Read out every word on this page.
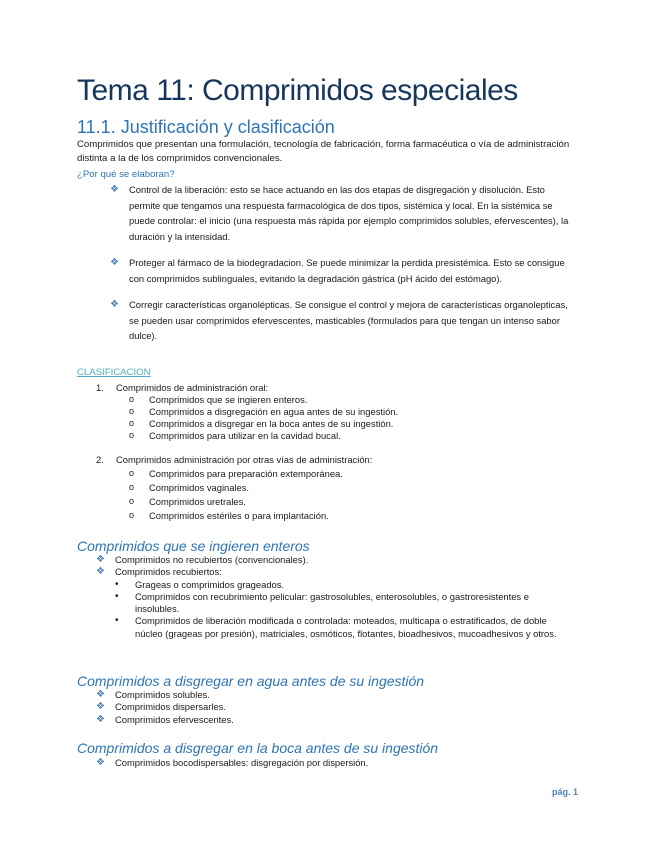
Tema 11: Comprimidos especiales
11.1. Justificación y clasificación
Comprimidos que presentan una formulación, tecnología de fabricación, forma farmacéutica o vía de administración distinta a la de los comprimidos convencionales.
¿Por qué se elaboran?
❖ Control de la liberación: esto se hace actuando en las dos etapas de disgregación y disolución. Esto permite que tengamos una respuesta farmacológica de dos tipos, sistémica y local. En la sistémica se puede controlar: el inicio (una respuesta más rápida por ejemplo comprimidos solubles, efervescentes), la duración y la intensidad.
❖ Proteger al fármaco de la biodegradacion. Se puede minimizar la perdida presistémica. Esto se consigue con comprimidos sublinguales, evitando la degradación gástrica (pH ácido del estómago).
❖ Corregir características organolépticas. Se consigue el control y mejora de características organolepticas, se pueden usar comprimidos efervescentes, masticables (formulados para que tengan un intenso sabor dulce).
CLASIFICACION
1. Comprimidos de administración oral:
o Comprimidos que se ingieren enteros.
o Comprimidos a disgregación en agua antes de su ingestión.
o Comprimidos a disgregar en la boca antes de su ingestión.
o Comprimidos para utilizar en la cavidad bucal.
2. Comprimidos administración por otras vías de administración:
o Comprimidos para preparación extemporánea.
o Comprimidos vaginales.
o Comprimidos uretrales.
o Comprimidos estériles o para implantación.
Comprimidos que se ingieren enteros
❖ Comprimidos no recubiertos (convencionales).
❖ Comprimidos recubiertos:
• Grageas o comprimidos grageados.
• Comprimidos con recubrimiento pelicular: gastrosolubles, enterosolubles, o gastroresistentes e insolubles.
• Comprimidos de liberación modificada o controlada: moteados, multicapa o estratificados, de doble núcleo (grageas por presión), matriciales, osmóticos, flotantes, bioadhesivos, mucoadhesivos y otros.
Comprimidos a disgregar en agua antes de su ingestión
❖ Comprimidos solubles.
❖ Comprimidos dispersarles.
❖ Comprimidos efervescentes.
Comprimidos a disgregar en la boca antes de su ingestión
❖ Comprimidos bocodispersables: disgregación por dispersión.
pág. 1
